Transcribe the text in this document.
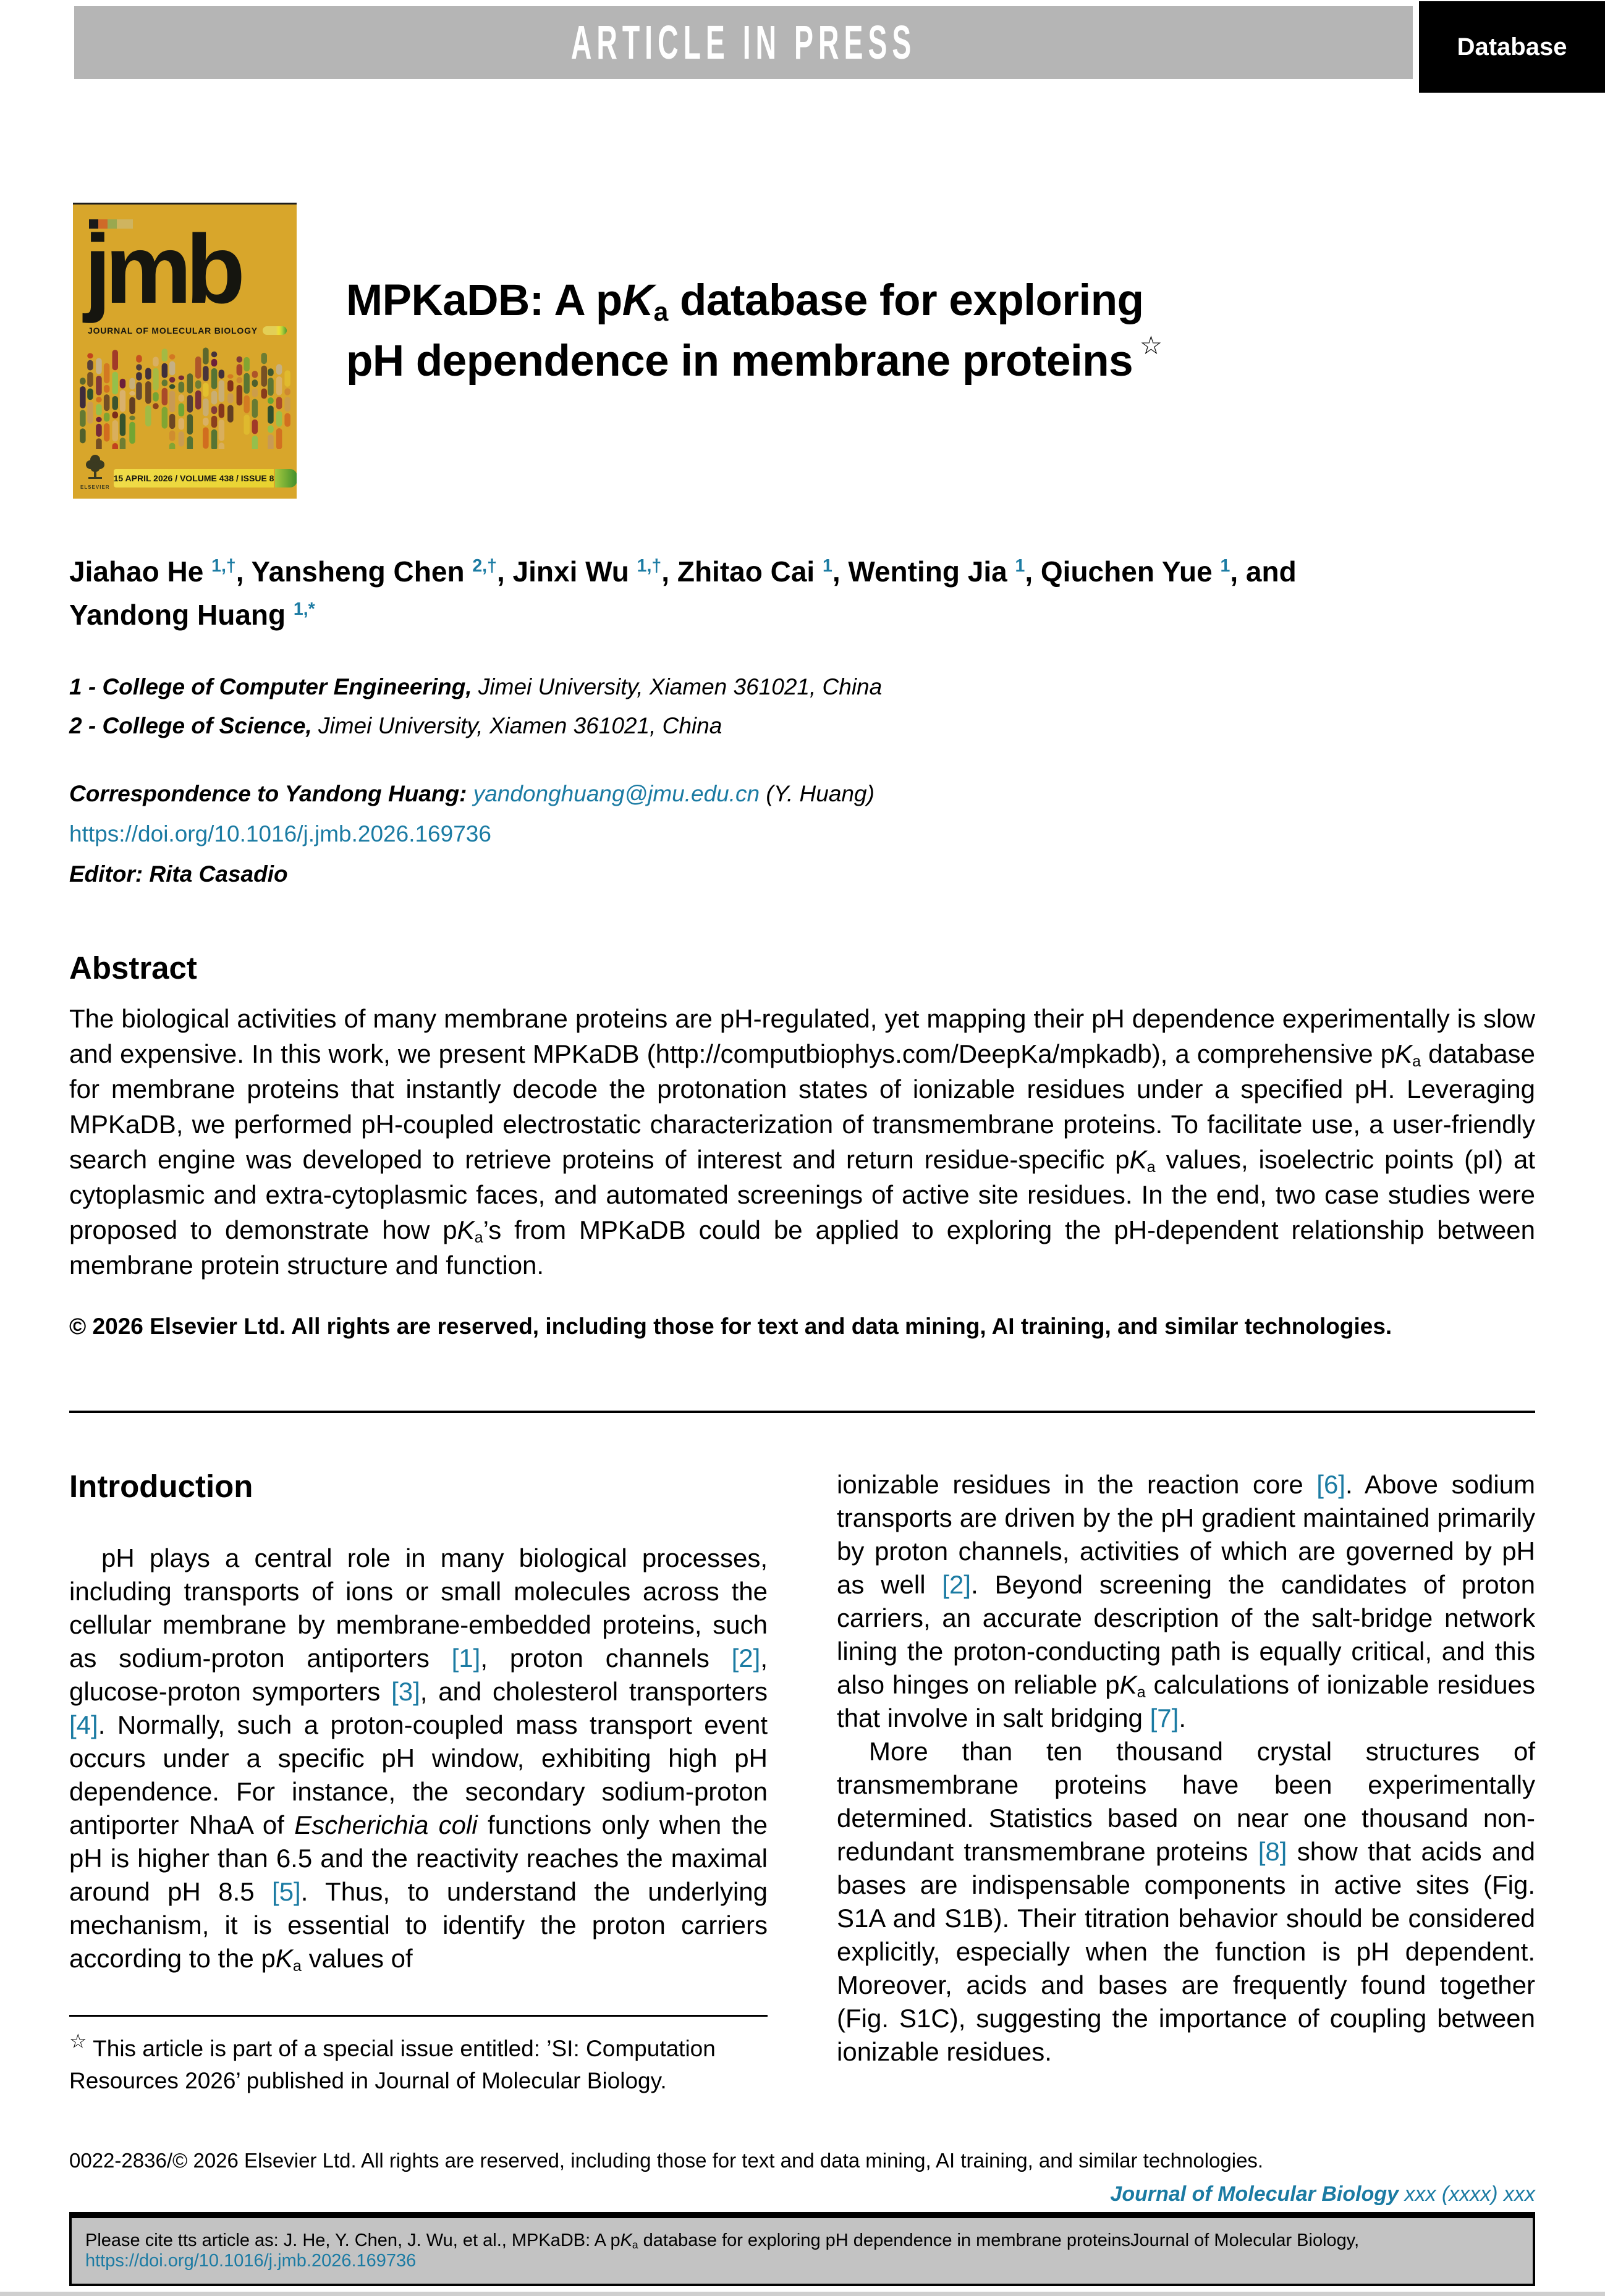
ARTICLE IN PRESS	Database
jmb
JOURNAL OF MOLECULAR BIOLOGY
ELSEVIER
15 APRIL 2026 / VOLUME 438 / ISSUE 8
MPKaDB: A $pK_a$ database for exploring
pH dependence in membrane proteins ☆
Jiahao He $^{1,\dagger}$, Yansheng Chen $^{2,\dagger}$, Jinxi Wu $^{1,\dagger}$, Zhitao Cai $^1$, Wenting Jia $^1$, Qiuchen Yue $^1$, and Yandong Huang $^{1,*}$
1 - College of Computer Engineering, Jimei University, Xiamen 361021, China
2 - College of Science, Jimei University, Xiamen 361021, China
Correspondence to Yandong Huang: yandonghuang@jmu.edu.cn (Y. Huang)
https://doi.org/10.1016/j.jmb.2026.169736
Editor: Rita Casadio
Abstract
The biological activities of many membrane proteins are pH-regulated, yet mapping their pH dependence experimentally is slow and expensive. In this work, we present MPKaDB (http://computbiophys.com/DeepKa/mpkadb), a comprehensive $pK_a$ database for membrane proteins that instantly decode the protonation states of ionizable residues under a specified pH. Leveraging MPKaDB, we performed pH-coupled electrostatic characterization of transmembrane proteins. To facilitate use, a user-friendly search engine was developed to retrieve proteins of interest and return residue-specific $pK_a$ values, isoelectric points (pI) at cytoplasmic and extra-cytoplasmic faces, and automated screenings of active site residues. In the end, two case studies were proposed to demonstrate how $pK_a’s$ from MPKaDB could be applied to exploring the pH-dependent relationship between membrane protein structure and function.
© 2026 Elsevier Ltd. All rights are reserved, including those for text and data mining, AI training, and similar technologies.
Introduction

pH plays a central role in many biological processes, including transports of ions or small molecules across the cellular membrane by membrane-embedded proteins, such as sodium-proton antiporters [1], proton channels [2], glucose-proton symporters [3], and cholesterol transporters [4]. Normally, such a proton-coupled mass transport event occurs under a specific pH window, exhibiting high pH dependence. For instance, the secondary sodium-proton antiporter NhaA of Escherichia coli functions only when the pH is higher than 6.5 and the reactivity reaches the maximal around pH 8.5 [5]. Thus, to understand the underlying mechanism, it is essential to identify the proton carriers according to the $pK_a$ values of

☆ This article is part of a special issue entitled: ’SI: Computation Resources 2026’ published in Journal of Molecular Biology.

ionizable residues in the reaction core [6]. Above sodium transports are driven by the pH gradient maintained primarily by proton channels, activities of which are governed by pH as well [2]. Beyond screening the candidates of proton carriers, an accurate description of the salt-bridge network lining the proton-conducting path is equally critical, and this also hinges on reliable $pK_a$ calculations of ionizable residues that involve in salt bridging [7].

More than ten thousand crystal structures of transmembrane proteins have been experimentally determined. Statistics based on near one thousand non-redundant transmembrane proteins [8] show that acids and bases are indispensable components in active sites (Fig. S1A and S1B). Their titration behavior should be considered explicitly, especially when the function is pH dependent. Moreover, acids and bases are frequently found together (Fig. S1C), suggesting the importance of coupling between ionizable residues.

0022-2836/© 2026 Elsevier Ltd. All rights are reserved, including those for text and data mining, AI training, and similar technologies.
Journal of Molecular Biology xxx (xxxx) xxx
Please cite tts article as: J. He, Y. Chen, J. Wu, et al., MPKaDB: A $pK_a$ database for exploring pH dependence in membrane proteinsJournal of Molecular Biology, https://doi.org/10.1016/j.jmb.2026.169736
